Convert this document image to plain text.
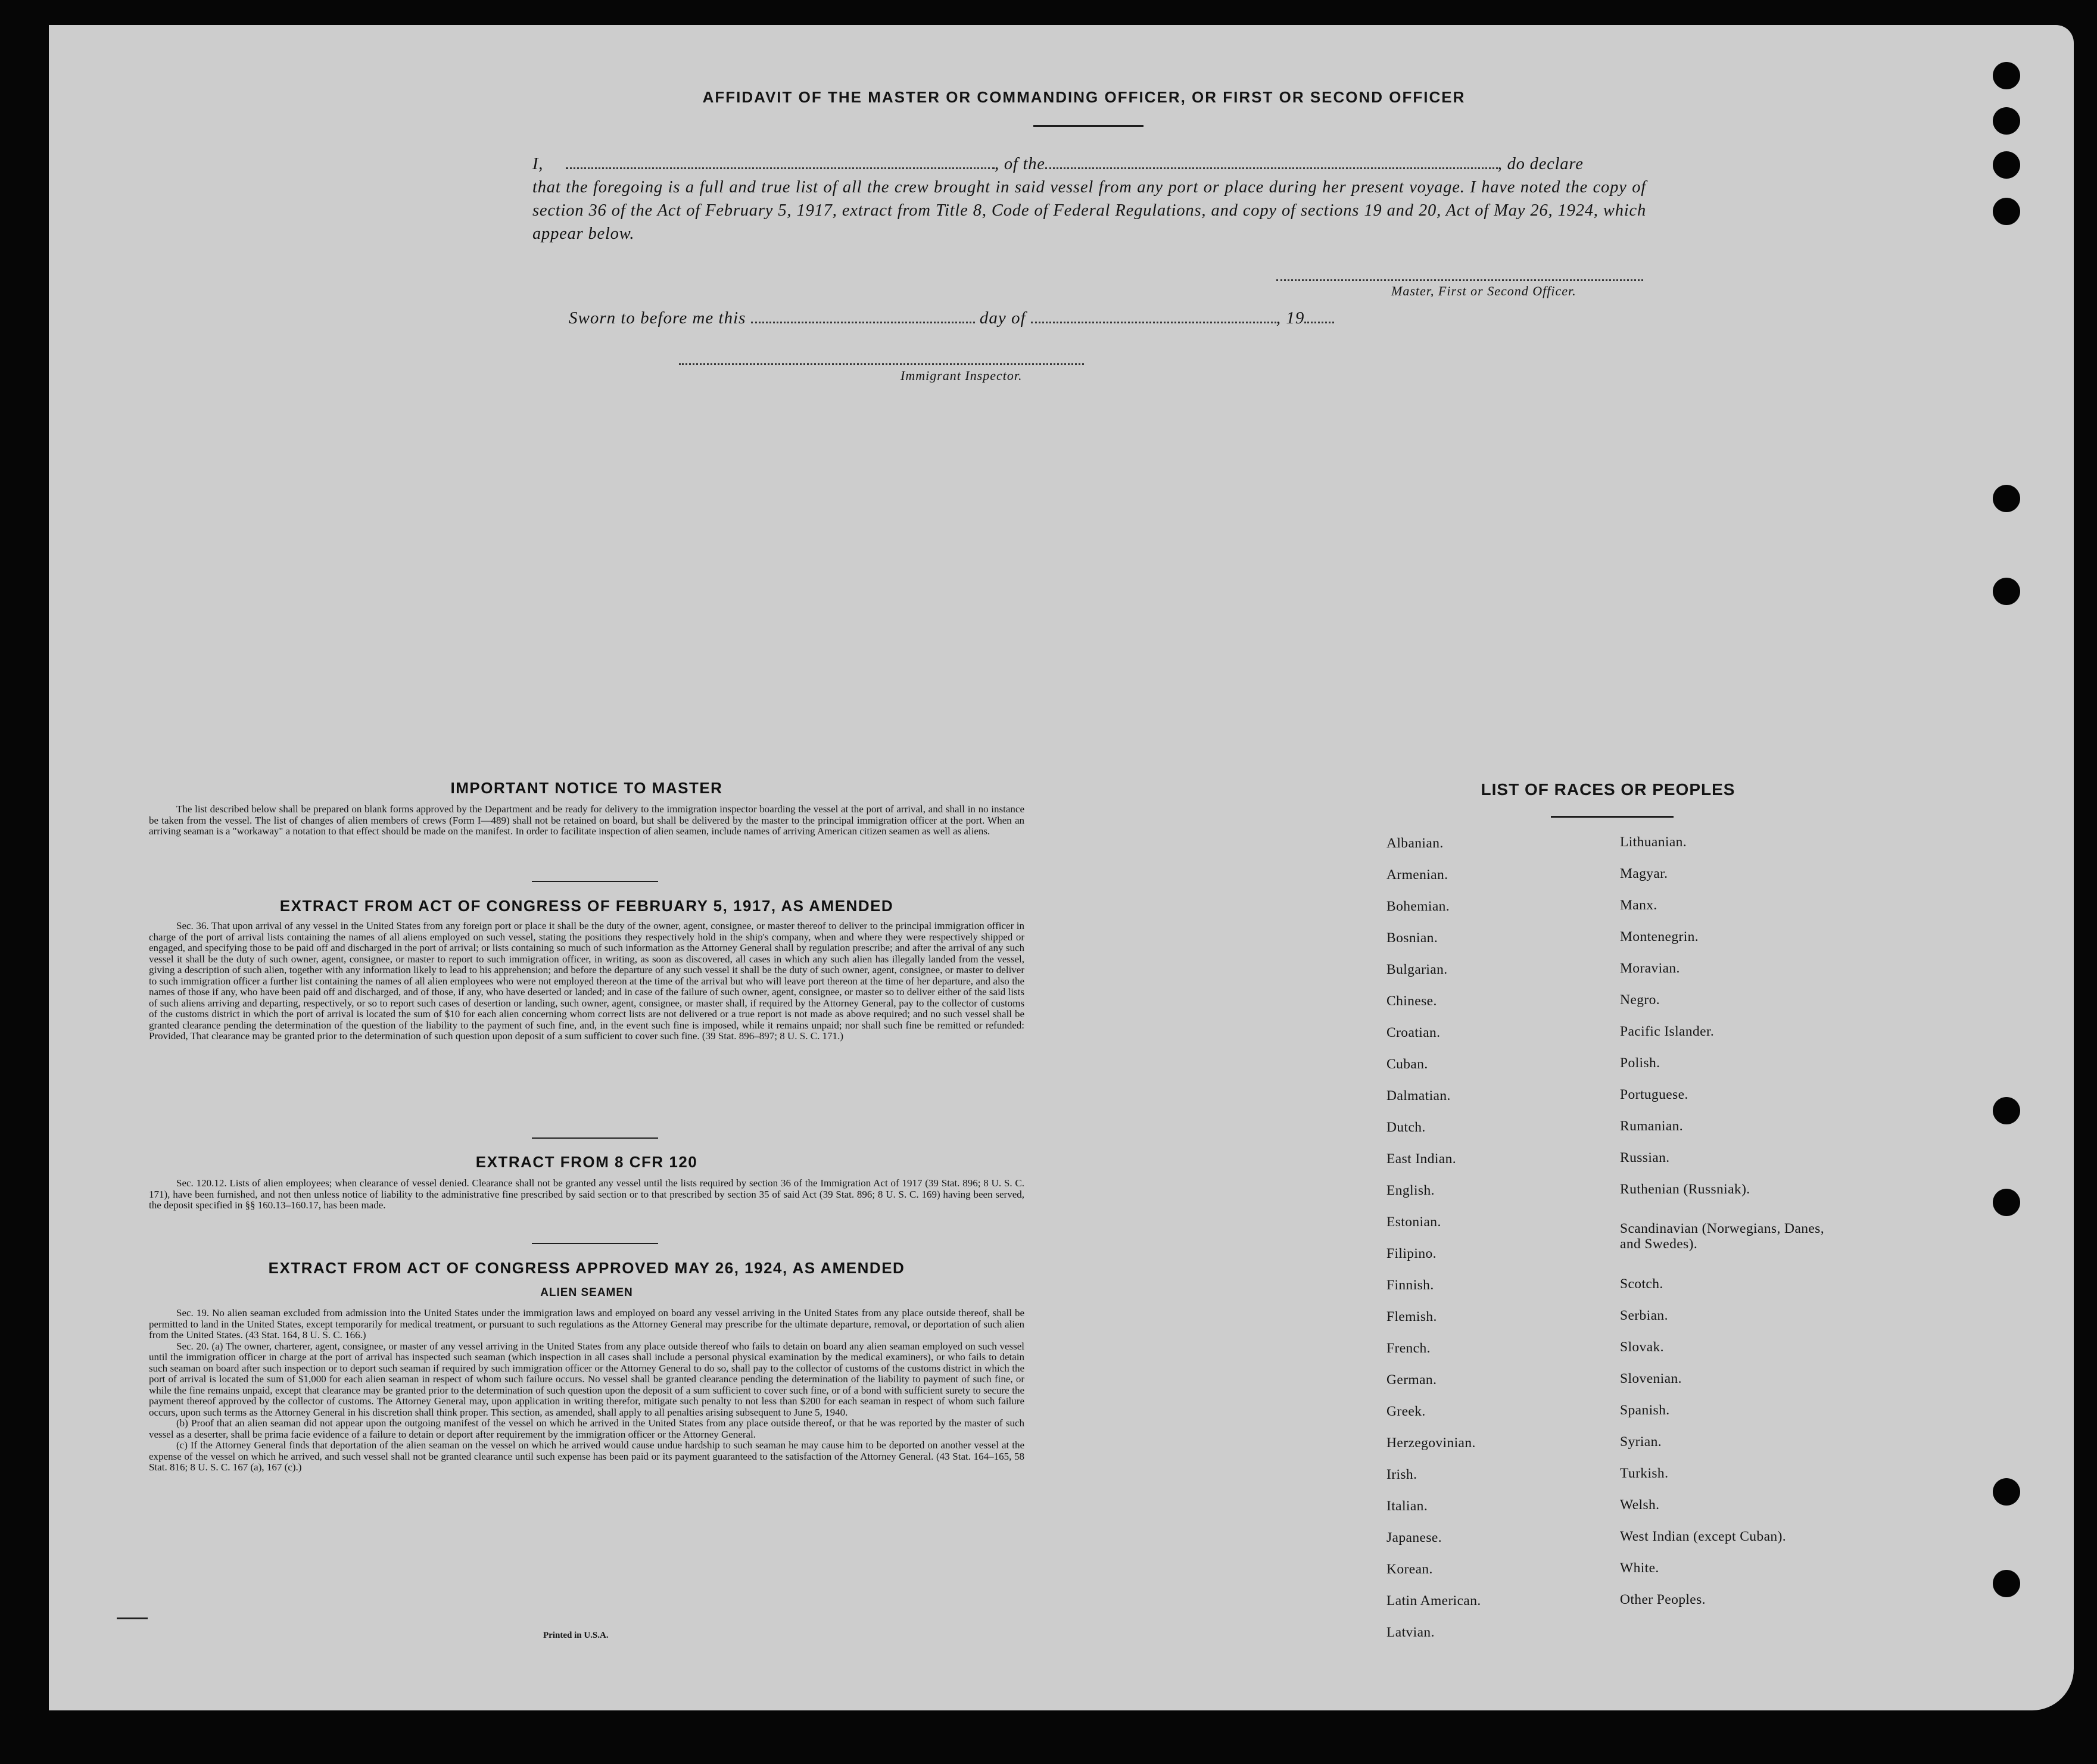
AFFIDAVIT OF THE MASTER OR COMMANDING OFFICER, OR FIRST OR SECOND OFFICER
I,	, of the	, do declare
that the foregoing is a full and true list of all the crew brought in said vessel from any port or place during her present voyage. I have noted the copy of section 36 of the Act of February 5, 1917, extract from Title 8, Code of Federal Regulations, and copy of sections 19 and 20, Act of May 26, 1924, which appear below.
Master, First or Second Officer.
Sworn to before me this	day of	, 19
Immigrant Inspector.
IMPORTANT NOTICE TO MASTER
The list described below shall be prepared on blank forms approved by the Department and be ready for delivery to the immigration inspector boarding the vessel at the port of arrival, and shall in no instance be taken from the vessel. The list of changes of alien members of crews (Form I—489) shall not be retained on board, but shall be delivered by the master to the principal immigration officer at the port. When an arriving seaman is a "workaway" a notation to that effect should be made on the manifest. In order to facilitate inspection of alien seamen, include names of arriving American citizen seamen as well as aliens.
EXTRACT FROM ACT OF CONGRESS OF FEBRUARY 5, 1917, AS AMENDED
Sec. 36. That upon arrival of any vessel in the United States from any foreign port or place it shall be the duty of the owner, agent, consignee, or master thereof to deliver to the principal immigration officer in charge of the port of arrival lists containing the names of all aliens employed on such vessel, stating the positions they respectively hold in the ship's company, when and where they were respectively shipped or engaged, and specifying those to be paid off and discharged in the port of arrival; or lists containing so much of such information as the Attorney General shall by regulation prescribe; and after the arrival of any such vessel it shall be the duty of such owner, agent, consignee, or master to report to such immigration officer, in writing, as soon as discovered, all cases in which any such alien has illegally landed from the vessel, giving a description of such alien, together with any information likely to lead to his apprehension; and before the departure of any such vessel it shall be the duty of such owner, agent, consignee, or master to deliver to such immigration officer a further list containing the names of all alien employees who were not employed thereon at the time of the arrival but who will leave port thereon at the time of her departure, and also the names of those if any, who have been paid off and discharged, and of those, if any, who have deserted or landed; and in case of the failure of such owner, agent, consignee, or master so to deliver either of the said lists of such aliens arriving and departing, respectively, or so to report such cases of desertion or landing, such owner, agent, consignee, or master shall, if required by the Attorney General, pay to the collector of customs of the customs district in which the port of arrival is located the sum of $10 for each alien concerning whom correct lists are not delivered or a true report is not made as above required; and no such vessel shall be granted clearance pending the determination of the question of the liability to the payment of such fine, and, in the event such fine is imposed, while it remains unpaid; nor shall such fine be remitted or refunded: Provided, That clearance may be granted prior to the determination of such question upon deposit of a sum sufficient to cover such fine. (39 Stat. 896–897; 8 U. S. C. 171.)
EXTRACT FROM 8 CFR 120
Sec. 120.12. Lists of alien employees; when clearance of vessel denied. Clearance shall not be granted any vessel until the lists required by section 36 of the Immigration Act of 1917 (39 Stat. 896; 8 U. S. C. 171), have been furnished, and not then unless notice of liability to the administrative fine prescribed by said section or to that prescribed by section 35 of said Act (39 Stat. 896; 8 U. S. C. 169) having been served, the deposit specified in §§ 160.13–160.17, has been made.
EXTRACT FROM ACT OF CONGRESS APPROVED MAY 26, 1924, AS AMENDED
ALIEN SEAMEN

Sec. 19. No alien seaman excluded from admission into the United States under the immigration laws and employed on board any vessel arriving in the United States from any place outside thereof, shall be permitted to land in the United States, except temporarily for medical treatment, or pursuant to such regulations as the Attorney General may prescribe for the ultimate departure, removal, or deportation of such alien from the United States. (43 Stat. 164, 8 U. S. C. 166.)

Sec. 20. (a) The owner, charterer, agent, consignee, or master of any vessel arriving in the United States from any place outside thereof who fails to detain on board any alien seaman employed on such vessel until the immigration officer in charge at the port of arrival has inspected such seaman (which inspection in all cases shall include a personal physical examination by the medical examiners), or who fails to detain such seaman on board after such inspection or to deport such seaman if required by such immigration officer or the Attorney General to do so, shall pay to the collector of customs of the customs district in which the port of arrival is located the sum of $1,000 for each alien seaman in respect of whom such failure occurs. No vessel shall be granted clearance pending the determination of the liability to payment of such fine, or while the fine remains unpaid, except that clearance may be granted prior to the determination of such question upon the deposit of a sum sufficient to cover such fine, or of a bond with sufficient surety to secure the payment thereof approved by the collector of customs. The Attorney General may, upon application in writing therefor, mitigate such penalty to not less than $200 for each seaman in respect of whom such failure occurs, upon such terms as the Attorney General in his discretion shall think proper. This section, as amended, shall apply to all penalties arising subsequent to June 5, 1940.

(b) Proof that an alien seaman did not appear upon the outgoing manifest of the vessel on which he arrived in the United States from any place outside thereof, or that he was reported by the master of such vessel as a deserter, shall be prima facie evidence of a failure to detain or deport after requirement by the immigration officer or the Attorney General.

(c) If the Attorney General finds that deportation of the alien seaman on the vessel on which he arrived would cause undue hardship to such seaman he may cause him to be deported on another vessel at the expense of the vessel on which he arrived, and such vessel shall not be granted clearance until such expense has been paid or its payment guaranteed to the satisfaction of the Attorney General. (43 Stat. 164–165, 58 Stat. 816; 8 U. S. C. 167 (a), 167 (c).)

Printed in U.S.A.
LIST OF RACES OR PEOPLES
Albanian.
Armenian.
Bohemian.
Bosnian.
Bulgarian.
Chinese.
Croatian.
Cuban.
Dalmatian.
Dutch.
East Indian.
English.
Estonian.
Filipino.
Finnish.
Flemish.
French.
German.
Greek.
Herzegovinian.
Irish.
Italian.
Japanese.
Korean.
Latin American.
Latvian.
Lithuanian.
Magyar.
Manx.
Montenegrin.
Moravian.
Negro.
Pacific Islander.
Polish.
Portuguese.
Rumanian.
Russian.
Ruthenian (Russniak).
Scandinavian (Norwegians, Danes, and Swedes).
Scotch.
Serbian.
Slovak.
Slovenian.
Spanish.
Syrian.
Turkish.
Welsh.
West Indian (except Cuban).
White.
Other Peoples.
